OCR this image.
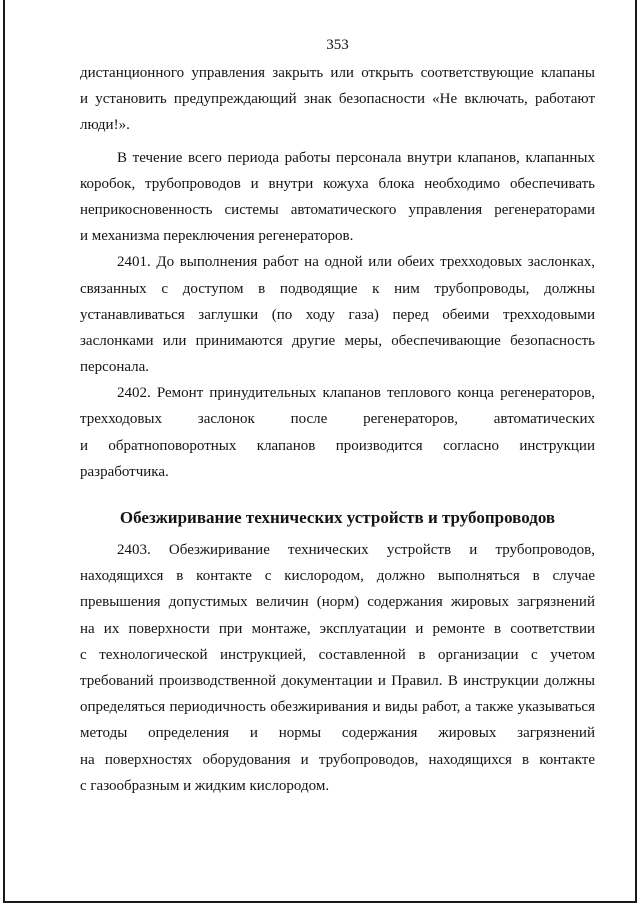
353
дистанционного управления закрыть или открыть соответствующие клапаны
и установить предупреждающий знак безопасности «Не включать, работают
люди!».
В течение всего периода работы персонала внутри клапанов, клапанных
коробок, трубопроводов и внутри кожуха блока необходимо обеспечивать
неприкосновенность системы автоматического управления регенераторами
и механизма переключения регенераторов.
2401. До выполнения работ на одной или обеих трехходовых заслонках,
связанных с доступом в подводящие к ним трубопроводы, должны
устанавливаться заглушки (по ходу газа) перед обеими трехходовыми
заслонками или принимаются другие меры, обеспечивающие безопасность
персонала.
2402. Ремонт принудительных клапанов теплового конца регенераторов,
трехходовых заслонок после регенераторов, автоматических
и обратноповоротных клапанов производится согласно инструкции
разработчика.
Обезжиривание технических устройств и трубопроводов
2403. Обезжиривание технических устройств и трубопроводов,
находящихся в контакте с кислородом, должно выполняться в случае
превышения допустимых величин (норм) содержания жировых загрязнений
на их поверхности при монтаже, эксплуатации и ремонте в соответствии
с технологической инструкцией, составленной в организации с учетом
требований производственной документации и Правил. В инструкции должны
определяться периодичность обезжиривания и виды работ, а также указываться
методы определения и нормы содержания жировых загрязнений
на поверхностях оборудования и трубопроводов, находящихся в контакте
с газообразным и жидким кислородом.
